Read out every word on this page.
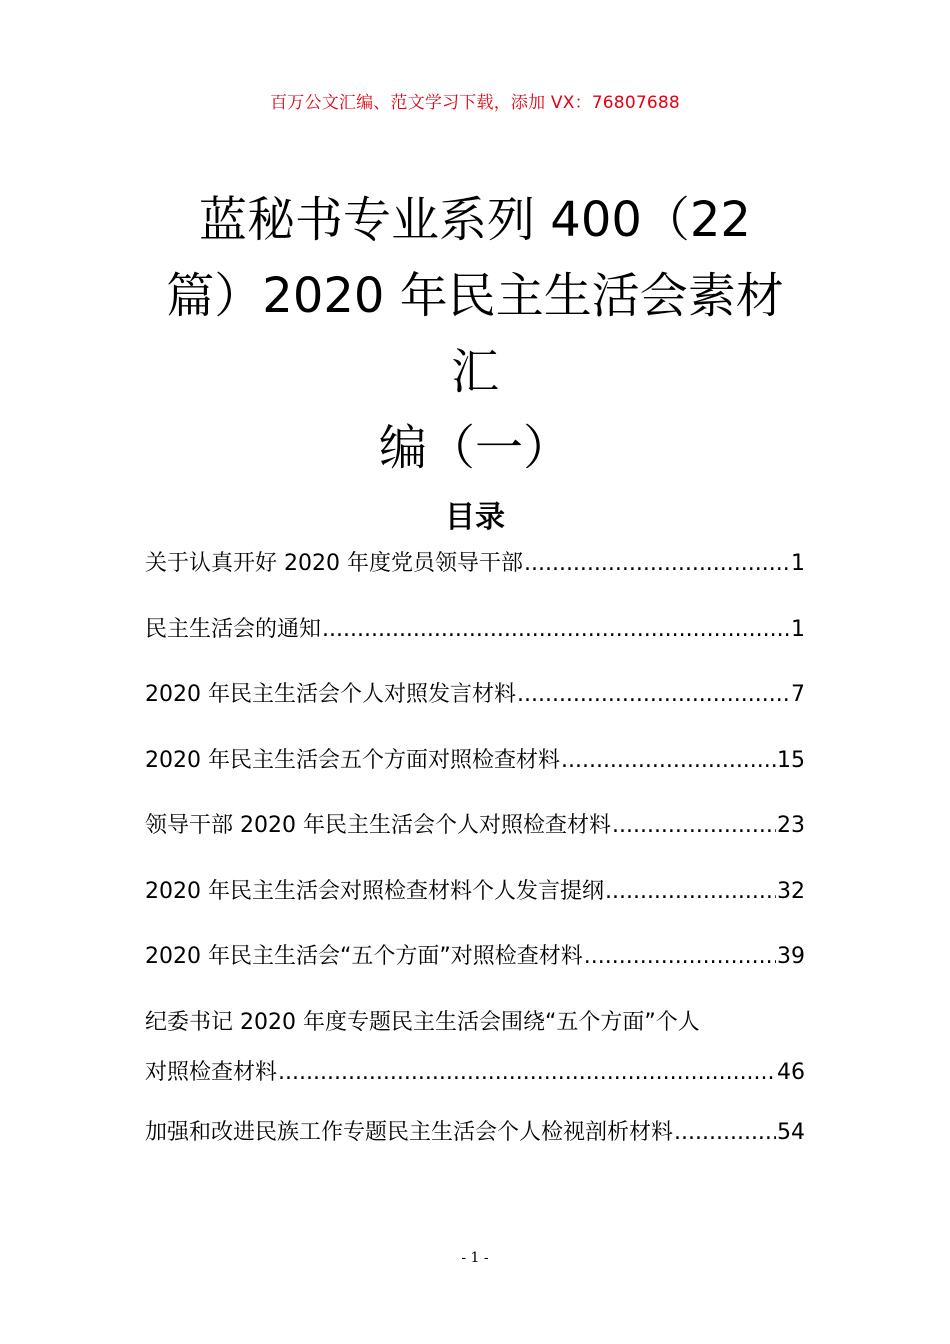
百万公文汇编、范文学习下载，添加 VX：76807688
蓝秘书专业系列 400（22
篇）2020 年民主生活会素材汇
编（一）
目录
关于认真开好 2020 年度党员领导干部 .....	1
民主生活会的通知 .....	1
2020 年民主生活会个人对照发言材料 .....	7
2020 年民主生活会五个方面对照检查材料 .....	15
领导干部 2020 年民主生活会个人对照检查材料 .....	23
2020 年民主生活会对照检查材料个人发言提纲 .....	32
2020 年民主生活会“五个方面”对照检查材料 .....	39
纪委书记 2020 年度专题民主生活会围绕“五个方面”个人
对照检查材料 .....	46
加强和改进民族工作专题民主生活会个人检视剖析材料 .....	54
- 1 -
